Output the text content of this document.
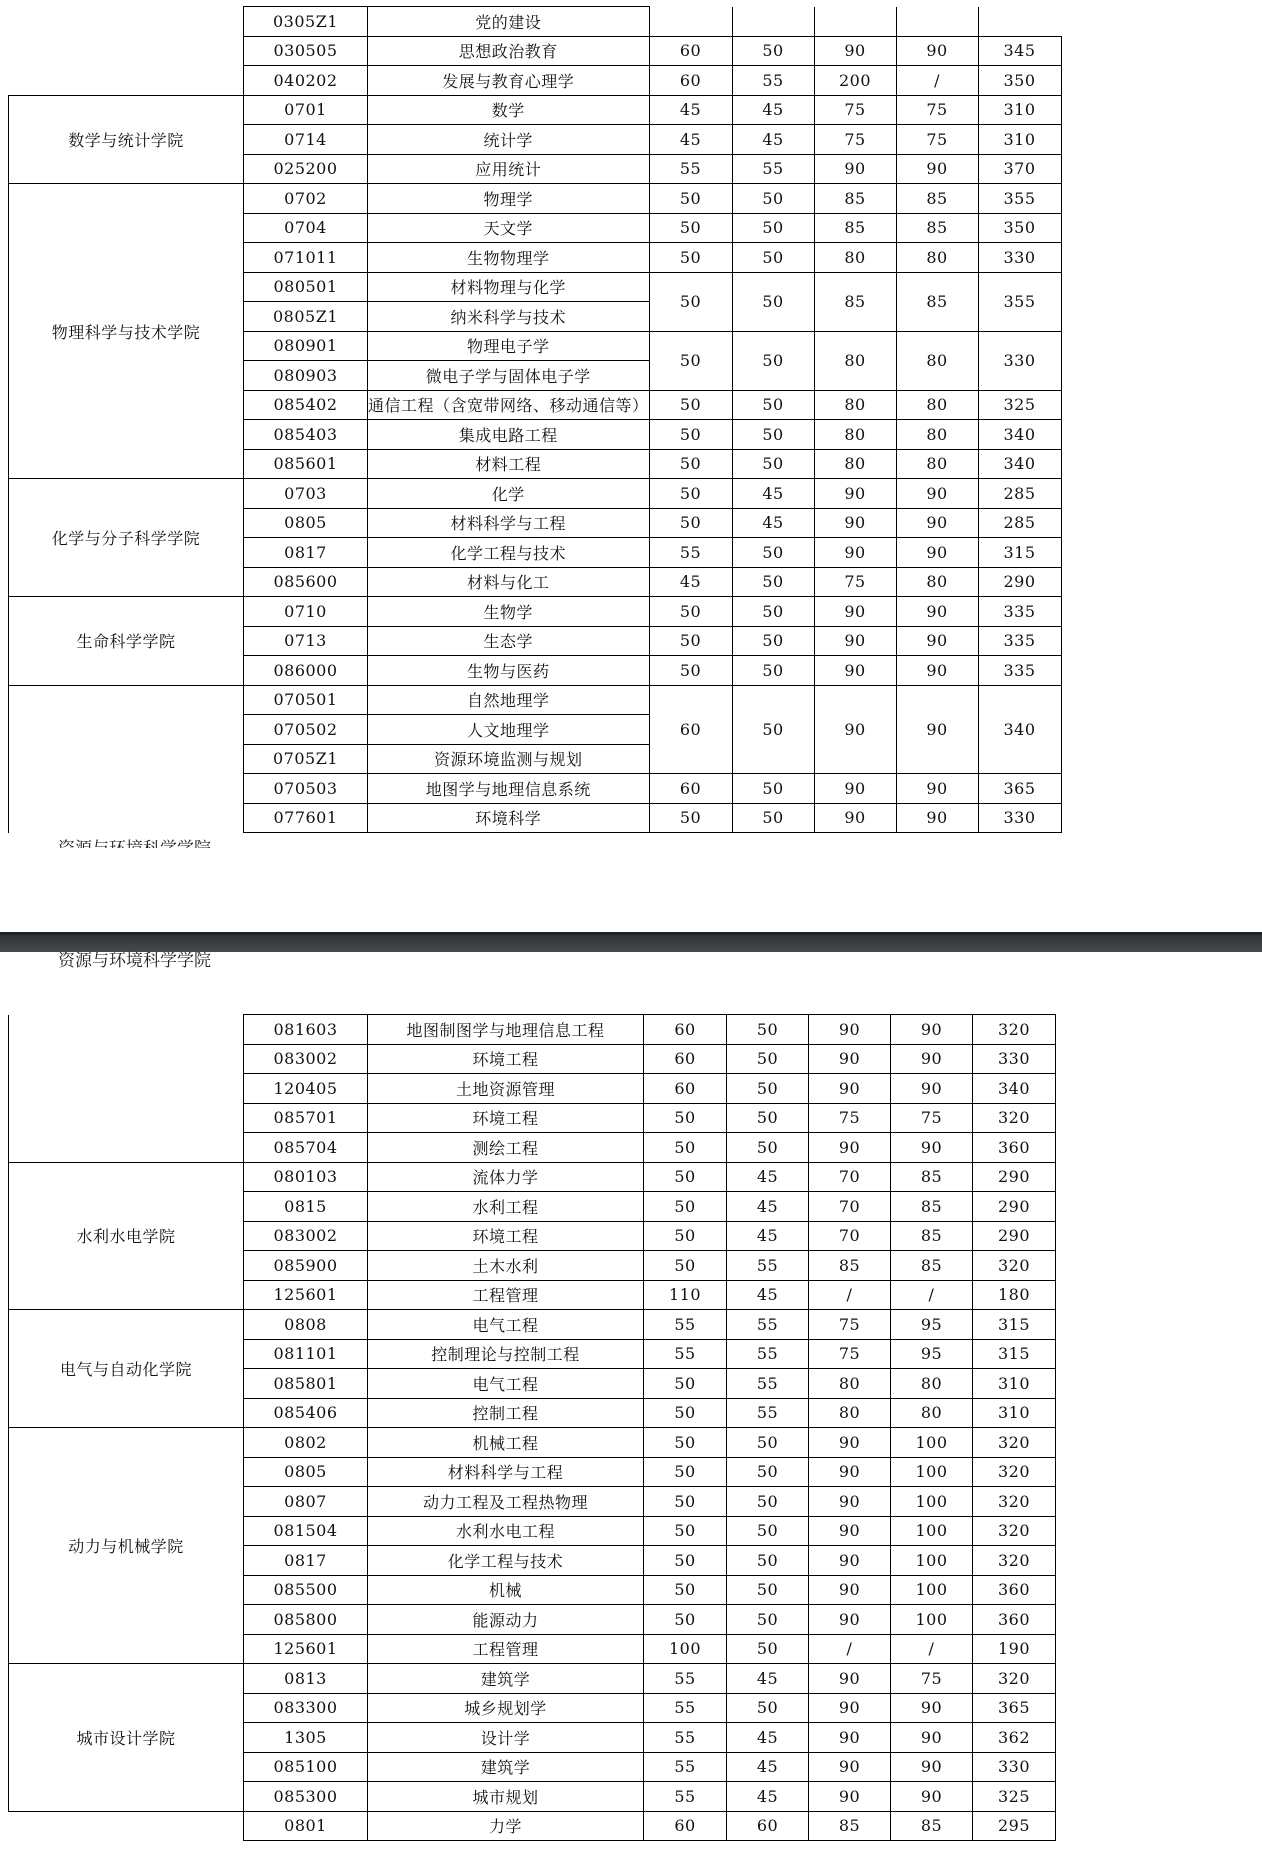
	0305Z1	党的建设					
	030505	思想政治教育	60	50	90	90	345
	040202	发展与教育心理学	60	55	200	/	350
数学与统计学院	0701	数学	45	45	75	75	310
	0714	统计学	45	45	75	75	310
	025200	应用统计	55	55	90	90	370
物理科学与技术学院	0702	物理学	50	50	85	85	355
	0704	天文学	50	50	85	85	350
	071011	生物物理学	50	50	80	80	330
	080501	材料物理与化学	50	50	85	85	355
	0805Z1	纳米科学与技术					
	080901	物理电子学	50	50	80	80	330
	080903	微电子学与固体电子学					
	085402	通信工程（含宽带网络、移动通信等）	50	50	80	80	325
	085403	集成电路工程	50	50	80	80	340
	085601	材料工程	50	50	80	80	340
化学与分子科学学院	0703	化学	50	45	90	90	285
	0805	材料科学与工程	50	45	90	90	285
	0817	化学工程与技术	55	50	90	90	315
	085600	材料与化工	45	50	75	80	290
生命科学学院	0710	生物学	50	50	90	90	335
	0713	生态学	50	50	90	90	335
	086000	生物与医药	50	50	90	90	335
	070501	自然地理学	60	50	90	90	340
	070502	人文地理学					
	0705Z1	资源环境监测与规划					
	070503	地图学与地理信息系统	60	50	90	90	365
	077601	环境科学	50	50	90	90	330
资源与环境科学学院
	081603	地图制图学与地理信息工程	60	50	90	90	320
	083002	环境工程	60	50	90	90	330
	120405	土地资源管理	60	50	90	90	340
	085701	环境工程	50	50	75	75	320
	085704	测绘工程	50	50	90	90	360
水利水电学院	080103	流体力学	50	45	70	85	290
	0815	水利工程	50	45	70	85	290
	083002	环境工程	50	45	70	85	290
	085900	土木水利	50	55	85	85	320
	125601	工程管理	110	45	/	/	180
电气与自动化学院	0808	电气工程	55	55	75	95	315
	081101	控制理论与控制工程	55	55	75	95	315
	085801	电气工程	50	55	80	80	310
	085406	控制工程	50	55	80	80	310
动力与机械学院	0802	机械工程	50	50	90	100	320
	0805	材料科学与工程	50	50	90	100	320
	0807	动力工程及工程热物理	50	50	90	100	320
	081504	水利水电工程	50	50	90	100	320
	0817	化学工程与技术	50	50	90	100	320
	085500	机械	50	50	90	100	360
	085800	能源动力	50	50	90	100	360
	125601	工程管理	100	50	/	/	190
城市设计学院	0813	建筑学	55	45	90	75	320
	083300	城乡规划学	55	50	90	90	365
	1305	设计学	55	45	90	90	362
	085100	建筑学	55	45	90	90	330
	085300	城市规划	55	45	90	90	325
	0801	力学	60	60	85	85	295
